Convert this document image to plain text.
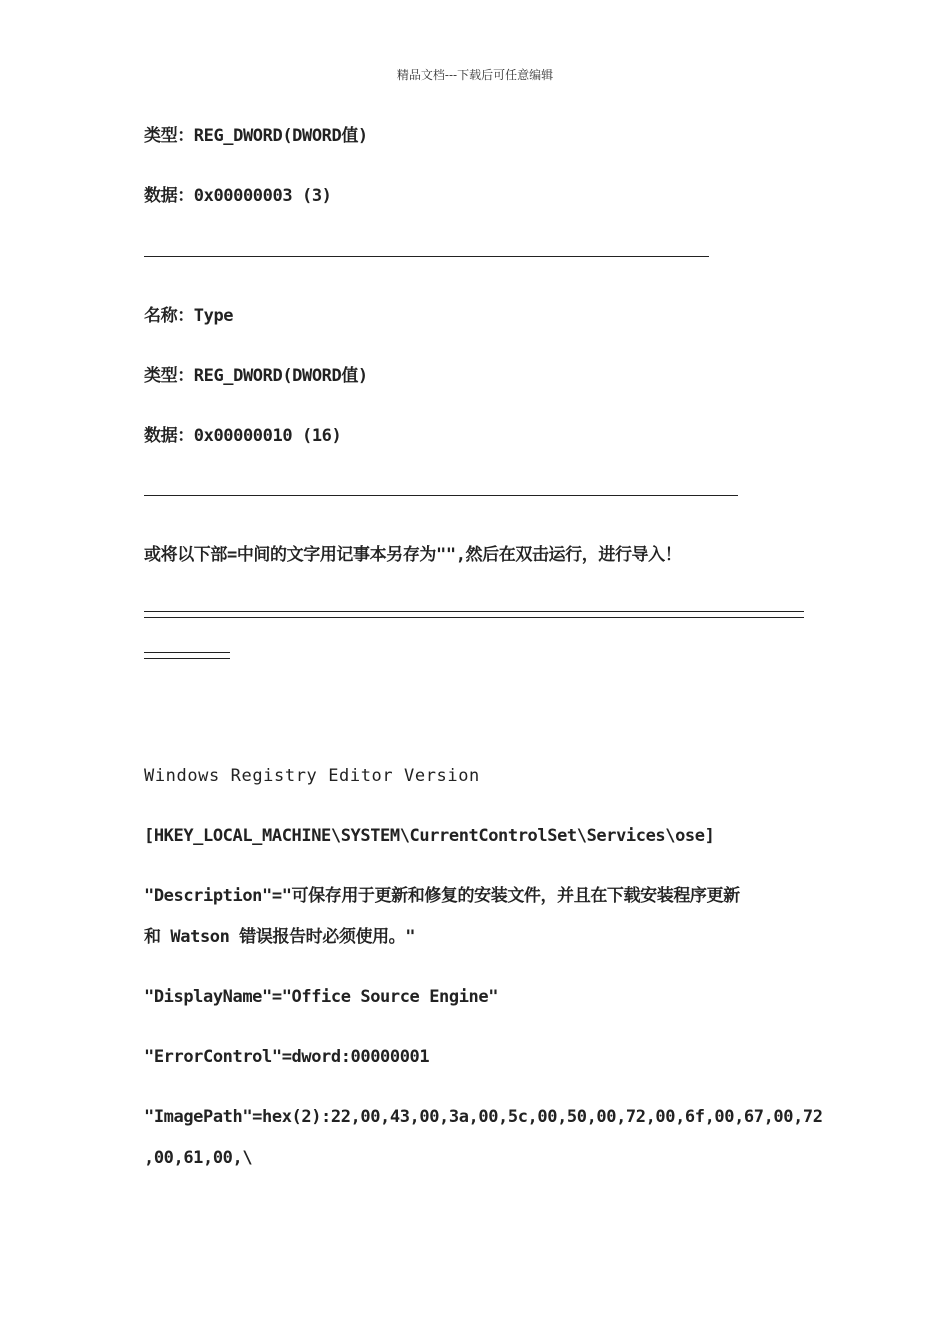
精品文档---下载后可任意编辑
类型：REG_DWORD(DWORD值)
数据：0x00000003 (3)
名称：Type
类型：REG_DWORD(DWORD值)
数据：0x00000010 (16)
或将以下部=中间的文字用记事本另存为"",然后在双击运行，进行导入！
Windows Registry Editor Version
[HKEY_LOCAL_MACHINE\SYSTEM\CurrentControlSet\Services\ose]
"Description"="可保存用于更新和修复的安装文件，并且在下载安装程序更新
和 Watson 错误报告时必须使用。"
"DisplayName"="Office Source Engine"
"ErrorControl"=dword:00000001
"ImagePath"=hex(2):22,00,43,00,3a,00,5c,00,50,00,72,00,6f,00,67,00,72
,00,61,00,\
